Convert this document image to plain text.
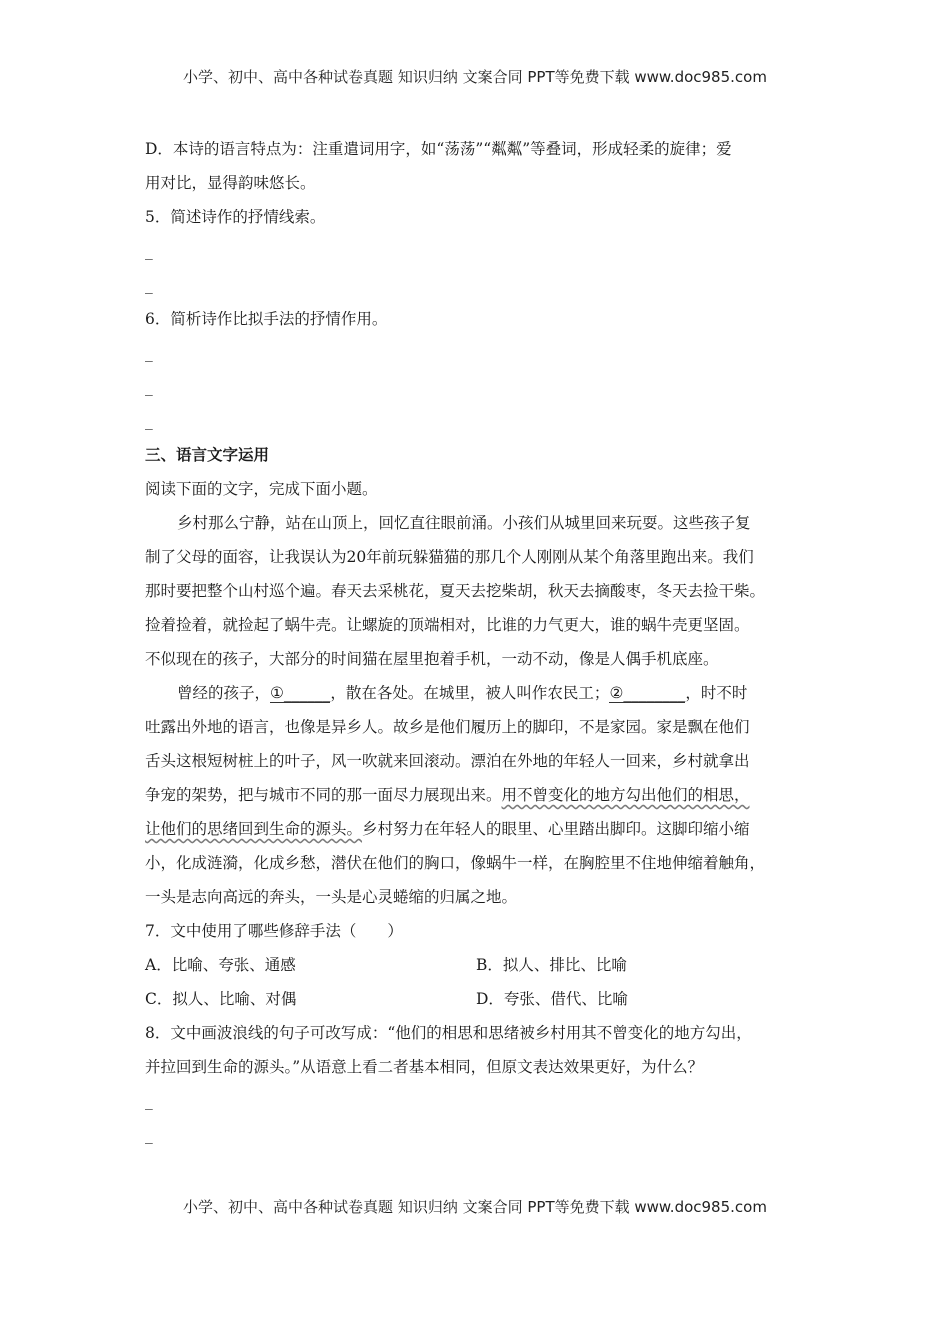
小学、初中、高中各种试卷真题 知识归纳 文案合同 PPT等免费下载 www.doc985.com
D．本诗的语言特点为：注重遣词用字，如“荡荡”“粼粼”等叠词，形成轻柔的旋律；爱
用对比，显得韵味悠长。
5．简述诗作的抒情线索。
_
_
6．简析诗作比拟手法的抒情作用。
_
_
_
三、语言文字运用
阅读下面的文字，完成下面小题。
乡村那么宁静，站在山顶上，回忆直往眼前涌。小孩们从城里回来玩耍。这些孩子复
制了父母的面容，让我误认为20年前玩躲猫猫的那几个人刚刚从某个角落里跑出来。我们
那时要把整个山村巡个遍。春天去采桃花，夏天去挖柴胡，秋天去摘酸枣，冬天去捡干柴。
捡着捡着，就捡起了蜗牛壳。让螺旋的顶端相对，比谁的力气更大，谁的蜗牛壳更坚固。
不似现在的孩子，大部分的时间猫在屋里抱着手机，一动不动，像是人偶手机底座。
曾经的孩子，①______，散在各处。在城里，被人叫作农民工；②________，时不时
吐露出外地的语言，也像是异乡人。故乡是他们履历上的脚印，不是家园。家是飘在他们
舌头这根短树桩上的叶子，风一吹就来回滚动。漂泊在外地的年轻人一回来，乡村就拿出
争宠的架势，把与城市不同的那一面尽力展现出来。用不曾变化的地方勾出他们的相思，
让他们的思绪回到生命的源头。乡村努力在年轻人的眼里、心里踏出脚印。这脚印缩小缩
小，化成涟漪，化成乡愁，潜伏在他们的胸口，像蜗牛一样，在胸腔里不住地伸缩着触角，
一头是志向高远的奔头，一头是心灵蜷缩的归属之地。
7．文中使用了哪些修辞手法（　　）
A．比喻、夸张、通感	B．拟人、排比、比喻
C．拟人、比喻、对偶	D．夸张、借代、比喻
8．文中画波浪线的句子可改写成：“他们的相思和思绪被乡村用其不曾变化的地方勾出，
并拉回到生命的源头。”从语意上看二者基本相同，但原文表达效果更好，为什么？
_
_
小学、初中、高中各种试卷真题 知识归纳 文案合同 PPT等免费下载 www.doc985.com
